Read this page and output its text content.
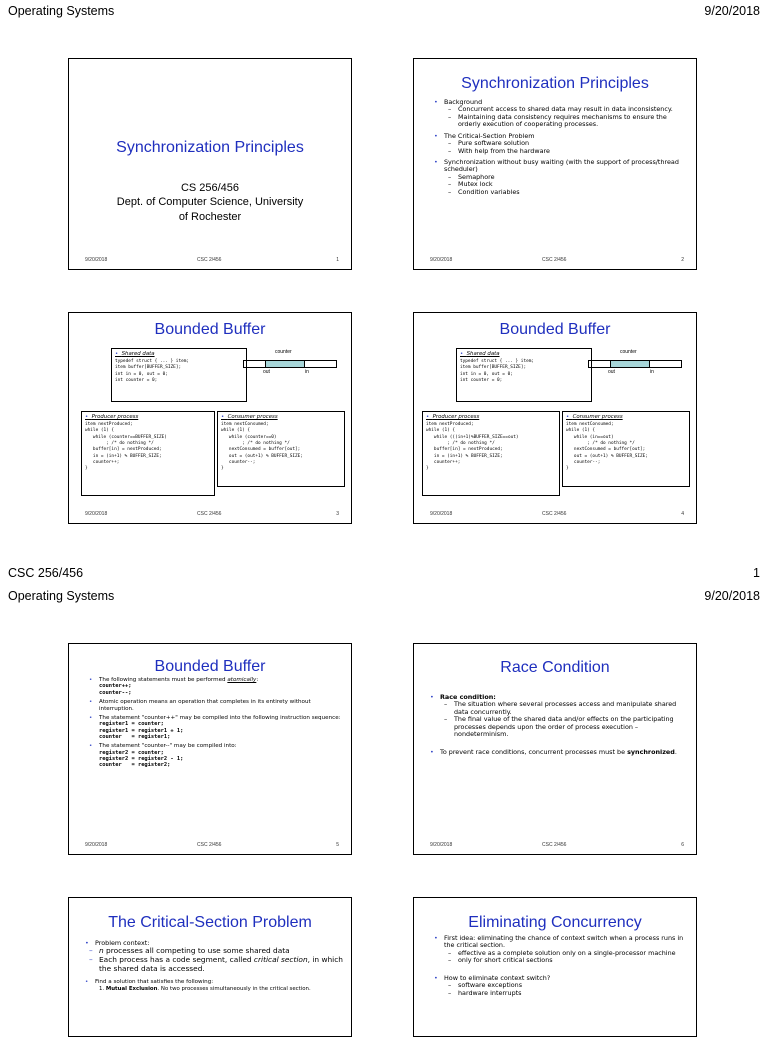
Operating Systems	9/20/2018
Synchronization Principles
CS 256/456
Dept. of Computer Science, University
of Rochester
9/20/2018	CSC 2/456	1
Synchronization Principles
• Background
– Concurrent access to shared data may result in data inconsistency.
– Maintaining data consistency requires mechanisms to ensure the orderly execution of cooperating processes.
• The Critical-Section Problem
– Pure software solution
– With help from the hardware
• Synchronization without busy waiting (with the support of process/thread scheduler)
– Semaphore
– Mutex lock
– Condition variables
9/20/2018	CSC 2/456	2
Bounded Buffer
•  Shared data
typedef struct { ... } item;
item buffer[BUFFER_SIZE];
int in = 0, out = 0;
int counter = 0;
counter
out	in
•  Producer process
item nextProduced;
while (1) {
while (counter==BUFFER_SIZE)
; /* do nothing */
buffer[in] = nextProduced;
in = (in+1) % BUFFER_SIZE;
counter++;
}
•  Consumer process
item nextConsumed;
while (1) {
while (counter==0)
; /* do nothing */
nextConsumed = buffer[out];
out = (out+1) % BUFFER_SIZE;
counter--;
}
9/20/2018	CSC 2/456	3
Bounded Buffer
•  Shared data
typedef struct { ... } item;
item buffer[BUFFER_SIZE];
int in = 0, out = 0;
int counter = 0;
counter
out	in
•  Producer process
item nextProduced;
while (1) {
while (((in+1)%BUFFER_SIZE==out)
; /* do nothing */
buffer[in] = nextProduced;
in = (in+1) % BUFFER_SIZE;
counter++;
}
•  Consumer process
item nextConsumed;
while (1) {
while (in==out)
; /* do nothing */
nextConsumed = buffer[out];
out = (out+1) % BUFFER_SIZE;
counter--;
}
9/20/2018	CSC 2/456	4
CSC 256/456	1
Operating Systems	9/20/2018
Bounded Buffer
• The following statements must be performed atomically:
counter++;
counter--;
• Atomic operation means an operation that completes in its entirety without interruption.
• The statement "counter++" may be compiled into the following instruction sequence:
register1 = counter;
register1 = register1 + 1;
counter   = register1;
• The statement "counter--" may be compiled into:
register2 = counter;
register2 = register2 - 1;
counter   = register2;
9/20/2018	CSC 2/456	5
Race Condition
• Race condition:
– The situation where several processes access and manipulate shared data concurrently.
– The final value of the shared data and/or effects on the participating processes depends upon the order of process execution – nondeterminism.
• To prevent race conditions, concurrent processes must be synchronized.
9/20/2018	CSC 2/456	6
The Critical-Section Problem
• Problem context:
– n processes all competing to use some shared data
– Each process has a code segment, called critical section, in which the shared data is accessed.
• Find a solution that satisfies the following:
1. Mutual Exclusion. No two processes simultaneously in the critical section.
Eliminating Concurrency
• First idea: eliminating the chance of context switch when a process runs in the critical section.
– effective as a complete solution only on a single-processor machine
– only for short critical sections
• How to eliminate context switch?
– software exceptions
– hardware interrupts
